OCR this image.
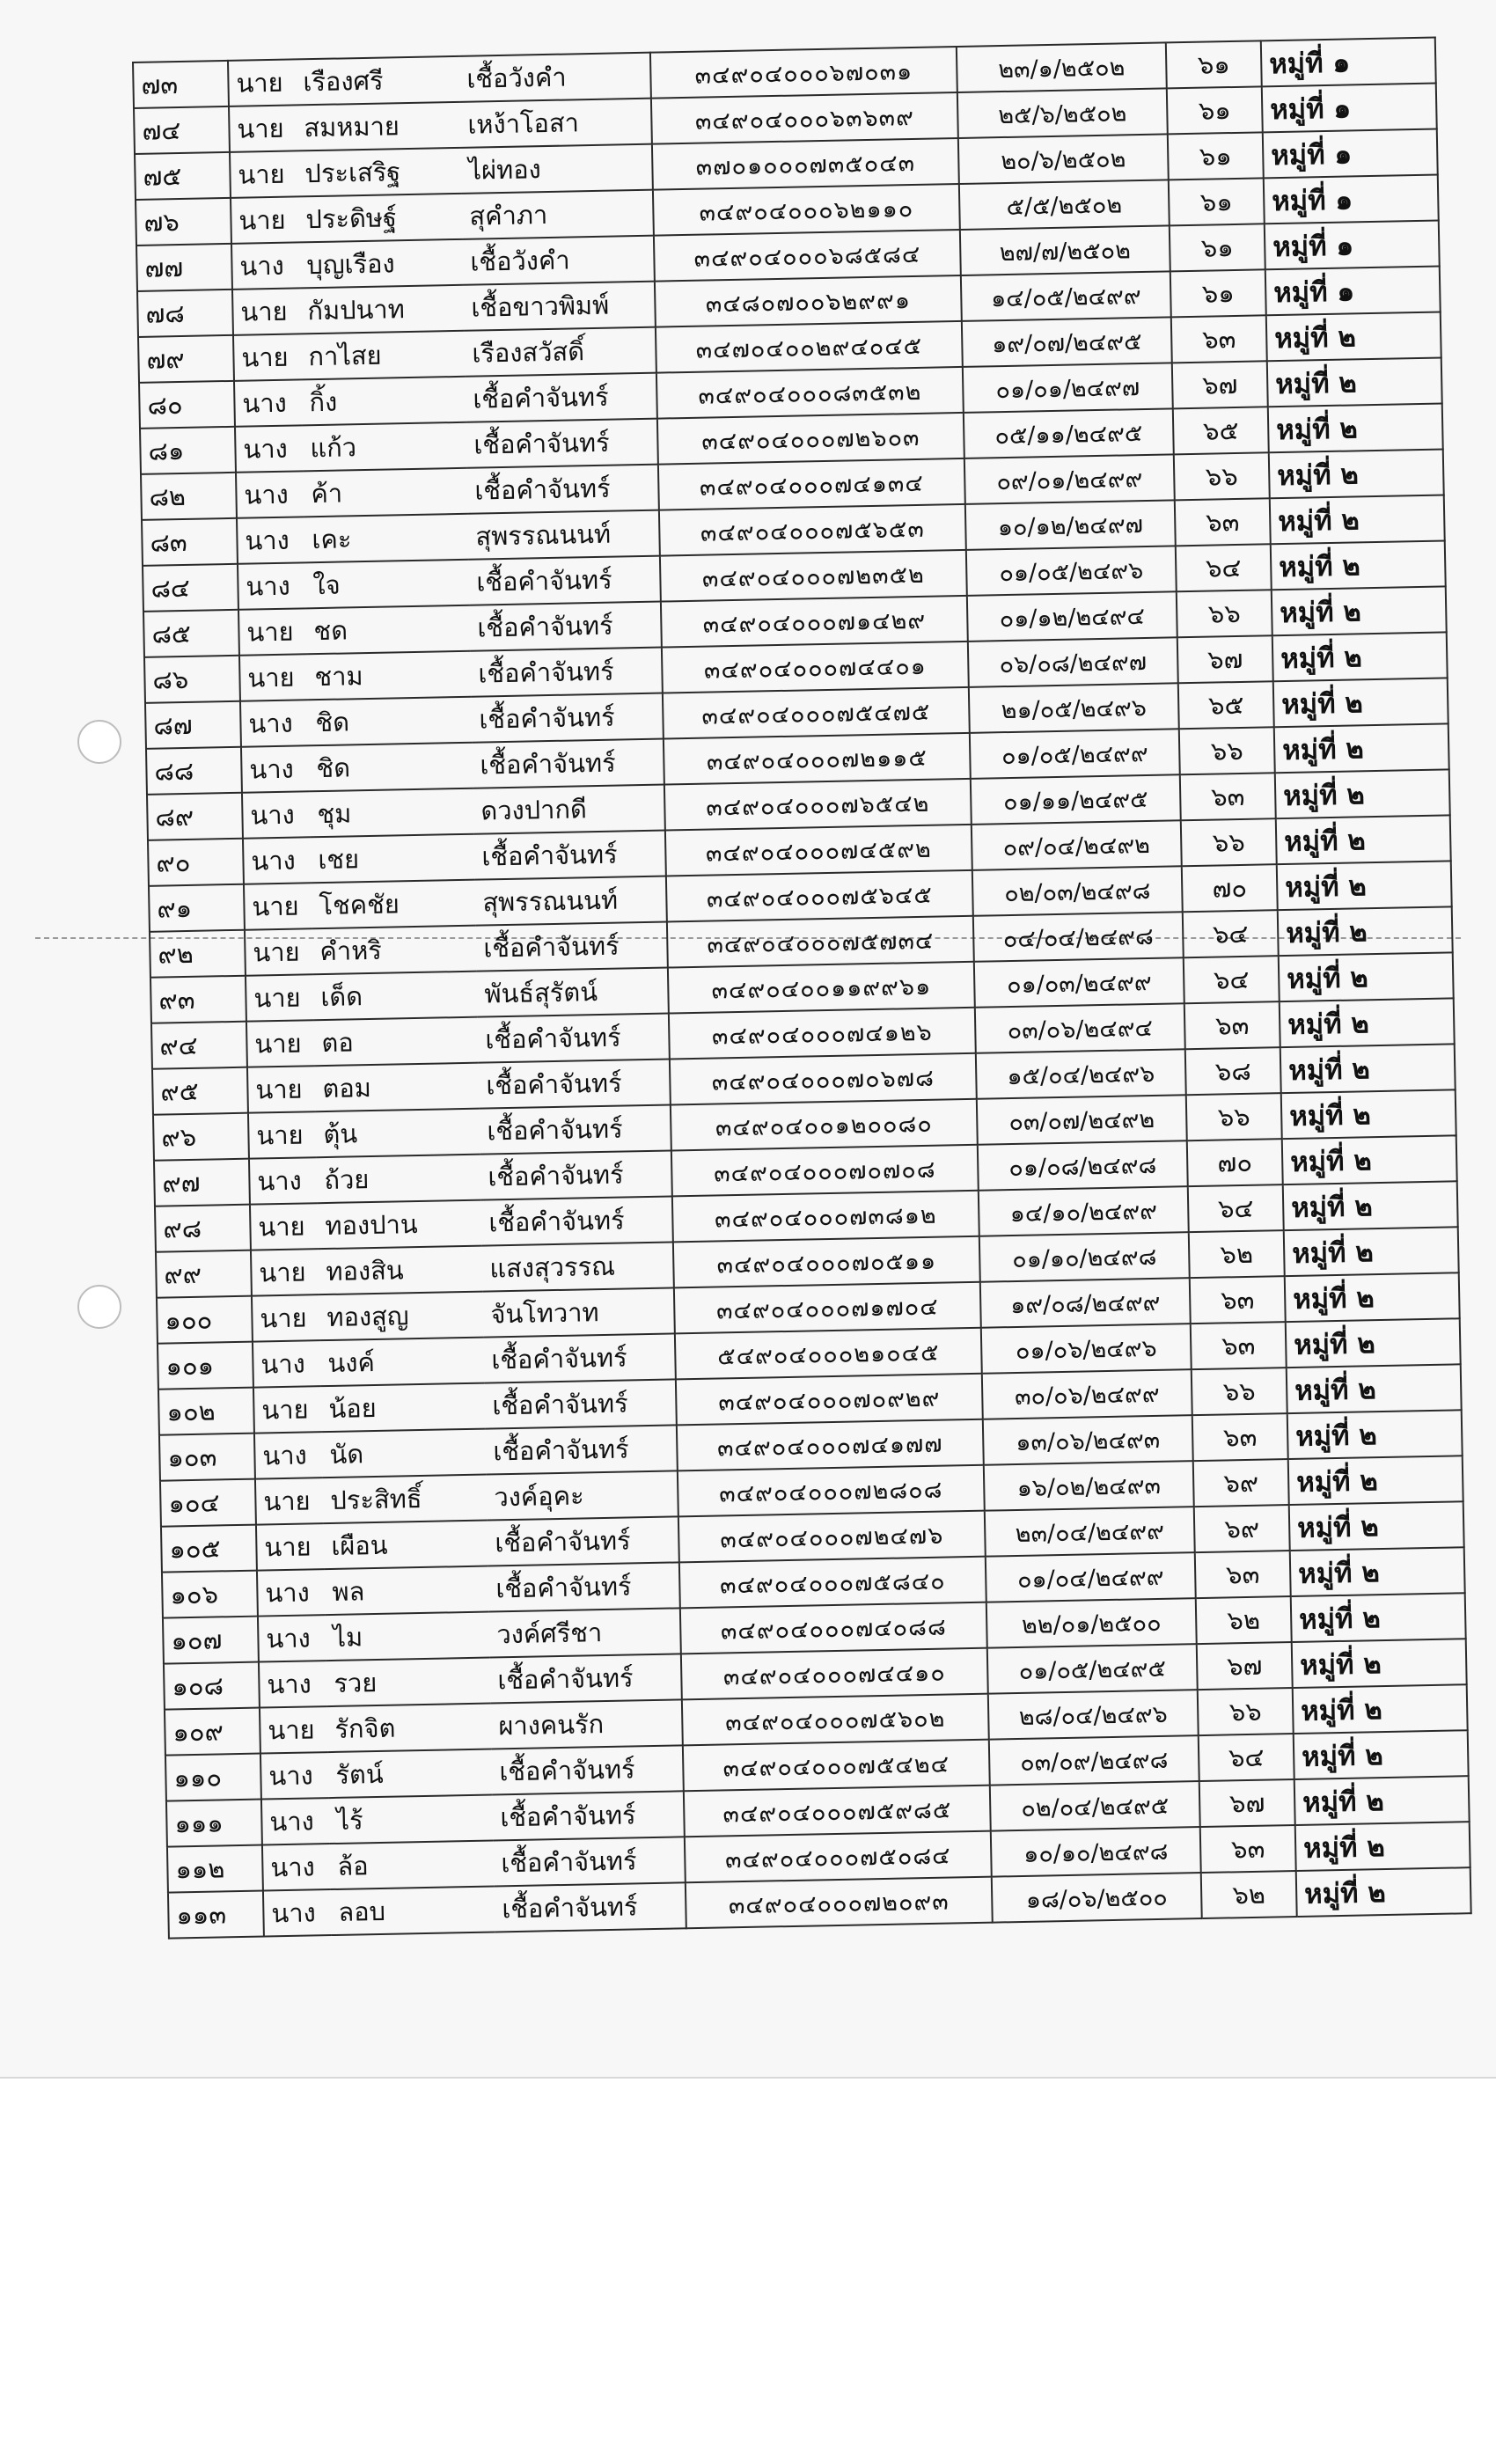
๗๓	นาย	เรืองศรี	เชื้อวังคำ	๓๔๙๐๔๐๐๐๖๗๐๓๑	๒๓/๑/๒๕๐๒	๖๑	หมู่ที่ ๑
๗๔	นาย	สมหมาย	เหง้าโอสา	๓๔๙๐๔๐๐๐๖๓๖๓๙	๒๕/๖/๒๕๐๒	๖๑	หมู่ที่ ๑
๗๕	นาย	ประเสริฐ	ไผ่ทอง	๓๗๐๑๐๐๐๗๓๕๐๔๓	๒๐/๖/๒๕๐๒	๖๑	หมู่ที่ ๑
๗๖	นาย	ประดิษฐ์	สุคำภา	๓๔๙๐๔๐๐๐๖๒๑๑๐	๕/๕/๒๕๐๒	๖๑	หมู่ที่ ๑
๗๗	นาง	บุญเรือง	เชื้อวังคำ	๓๔๙๐๔๐๐๐๖๘๕๘๔	๒๗/๗/๒๕๐๒	๖๑	หมู่ที่ ๑
๗๘	นาย	กัมปนาท	เชื้อขาวพิมพ์	๓๔๘๐๗๐๐๖๒๙๙๑	๑๔/๐๕/๒๔๙๙	๖๑	หมู่ที่ ๑
๗๙	นาย	กาไสย	เรืองสวัสดิ์	๓๔๗๐๔๐๐๒๙๔๐๔๕	๑๙/๐๗/๒๔๙๕	๖๓	หมู่ที่ ๒
๘๐	นาง	กิ้ง	เชื้อคำจันทร์	๓๔๙๐๔๐๐๐๘๓๕๓๒	๐๑/๐๑/๒๔๙๗	๖๗	หมู่ที่ ๒
๘๑	นาง	แก้ว	เชื้อคำจันทร์	๓๔๙๐๔๐๐๐๗๒๖๐๓	๐๕/๑๑/๒๔๙๕	๖๕	หมู่ที่ ๒
๘๒	นาง	ค้า	เชื้อคำจันทร์	๓๔๙๐๔๐๐๐๗๔๑๓๔	๐๙/๐๑/๒๔๙๙	๖๖	หมู่ที่ ๒
๘๓	นาง	เคะ	สุพรรณนนท์	๓๔๙๐๔๐๐๐๗๕๖๕๓	๑๐/๑๒/๒๔๙๗	๖๓	หมู่ที่ ๒
๘๔	นาง	ใจ	เชื้อคำจันทร์	๓๔๙๐๔๐๐๐๗๒๓๕๒	๐๑/๐๕/๒๔๙๖	๖๔	หมู่ที่ ๒
๘๕	นาย	ชด	เชื้อคำจันทร์	๓๔๙๐๔๐๐๐๗๑๔๒๙	๐๑/๑๒/๒๔๙๔	๖๖	หมู่ที่ ๒
๘๖	นาย	ชาม	เชื้อคำจันทร์	๓๔๙๐๔๐๐๐๗๔๔๐๑	๐๖/๐๘/๒๔๙๗	๖๗	หมู่ที่ ๒
๘๗	นาง	ชิด	เชื้อคำจันทร์	๓๔๙๐๔๐๐๐๗๕๔๗๕	๒๑/๐๕/๒๔๙๖	๖๕	หมู่ที่ ๒
๘๘	นาง	ชิด	เชื้อคำจันทร์	๓๔๙๐๔๐๐๐๗๒๑๑๕	๐๑/๐๕/๒๔๙๙	๖๖	หมู่ที่ ๒
๘๙	นาง	ชุม	ดวงปากดี	๓๔๙๐๔๐๐๐๗๖๕๔๒	๐๑/๑๑/๒๔๙๕	๖๓	หมู่ที่ ๒
๙๐	นาง	เชย	เชื้อคำจันทร์	๓๔๙๐๔๐๐๐๗๔๕๙๒	๐๙/๐๔/๒๔๙๒	๖๖	หมู่ที่ ๒
๙๑	นาย	โชคชัย	สุพรรณนนท์	๓๔๙๐๔๐๐๐๗๕๖๔๕	๐๒/๐๓/๒๔๙๘	๗๐	หมู่ที่ ๒
๙๒	นาย	คำหริ	เชื้อคำจันทร์	๓๔๙๐๔๐๐๐๗๕๗๓๔	๐๔/๐๔/๒๔๙๘	๖๔	หมู่ที่ ๒
๙๓	นาย	เด็ด	พันธ์สุรัตน์	๓๔๙๐๔๐๐๑๑๙๙๖๑	๐๑/๐๓/๒๔๙๙	๖๔	หมู่ที่ ๒
๙๔	นาย	ตอ	เชื้อคำจันทร์	๓๔๙๐๔๐๐๐๗๔๑๒๖	๐๓/๐๖/๒๔๙๔	๖๓	หมู่ที่ ๒
๙๕	นาย	ตอม	เชื้อคำจันทร์	๓๔๙๐๔๐๐๐๗๐๖๗๘	๑๕/๐๔/๒๔๙๖	๖๘	หมู่ที่ ๒
๙๖	นาย	ตุ้น	เชื้อคำจันทร์	๓๔๙๐๔๐๐๑๒๐๐๘๐	๐๓/๐๗/๒๔๙๒	๖๖	หมู่ที่ ๒
๙๗	นาง	ถ้วย	เชื้อคำจันทร์	๓๔๙๐๔๐๐๐๗๐๗๐๘	๐๑/๐๘/๒๔๙๘	๗๐	หมู่ที่ ๒
๙๘	นาย	ทองปาน	เชื้อคำจันทร์	๓๔๙๐๔๐๐๐๗๓๘๑๒	๑๔/๑๐/๒๔๙๙	๖๔	หมู่ที่ ๒
๙๙	นาย	ทองสิน	แสงสุวรรณ	๓๔๙๐๔๐๐๐๗๐๕๑๑	๐๑/๑๐/๒๔๙๘	๖๒	หมู่ที่ ๒
๑๐๐	นาย	ทองสูญ	จันโทวาท	๓๔๙๐๔๐๐๐๗๑๗๐๔	๑๙/๐๘/๒๔๙๙	๖๓	หมู่ที่ ๒
๑๐๑	นาง	นงค์	เชื้อคำจันทร์	๕๔๙๐๔๐๐๐๒๑๐๔๕	๐๑/๐๖/๒๔๙๖	๖๓	หมู่ที่ ๒
๑๐๒	นาย	น้อย	เชื้อคำจันทร์	๓๔๙๐๔๐๐๐๗๐๙๒๙	๓๐/๐๖/๒๔๙๙	๖๖	หมู่ที่ ๒
๑๐๓	นาง	นัด	เชื้อคำจันทร์	๓๔๙๐๔๐๐๐๗๔๑๗๗	๑๓/๐๖/๒๔๙๓	๖๓	หมู่ที่ ๒
๑๐๔	นาย	ประสิทธิ์	วงค์อุคะ	๓๔๙๐๔๐๐๐๗๒๘๐๘	๑๖/๐๒/๒๔๙๓	๖๙	หมู่ที่ ๒
๑๐๕	นาย	เผือน	เชื้อคำจันทร์	๓๔๙๐๔๐๐๐๗๒๔๗๖	๒๓/๐๔/๒๔๙๙	๖๙	หมู่ที่ ๒
๑๐๖	นาง	พล	เชื้อคำจันทร์	๓๔๙๐๔๐๐๐๗๕๘๔๐	๐๑/๐๔/๒๔๙๙	๖๓	หมู่ที่ ๒
๑๐๗	นาง	ไม	วงค์ศรีชา	๓๔๙๐๔๐๐๐๗๔๐๘๘	๒๒/๐๑/๒๕๐๐	๖๒	หมู่ที่ ๒
๑๐๘	นาง	รวย	เชื้อคำจันทร์	๓๔๙๐๔๐๐๐๗๔๔๑๐	๐๑/๐๕/๒๔๙๕	๖๗	หมู่ที่ ๒
๑๐๙	นาย	รักจิต	ผางคนรัก	๓๔๙๐๔๐๐๐๗๕๖๐๒	๒๘/๐๔/๒๔๙๖	๖๖	หมู่ที่ ๒
๑๑๐	นาง	รัตน์	เชื้อคำจันทร์	๓๔๙๐๔๐๐๐๗๕๔๒๔	๐๓/๐๙/๒๔๙๘	๖๔	หมู่ที่ ๒
๑๑๑	นาง	ไร้	เชื้อคำจันทร์	๓๔๙๐๔๐๐๐๗๕๙๘๕	๐๒/๐๔/๒๔๙๕	๖๗	หมู่ที่ ๒
๑๑๒	นาง	ล้อ	เชื้อคำจันทร์	๓๔๙๐๔๐๐๐๗๕๐๘๔	๑๐/๑๐/๒๔๙๘	๖๓	หมู่ที่ ๒
๑๑๓	นาง	ลอบ	เชื้อคำจันทร์	๓๔๙๐๔๐๐๐๗๒๐๙๓	๑๘/๐๖/๒๕๐๐	๖๒	หมู่ที่ ๒
